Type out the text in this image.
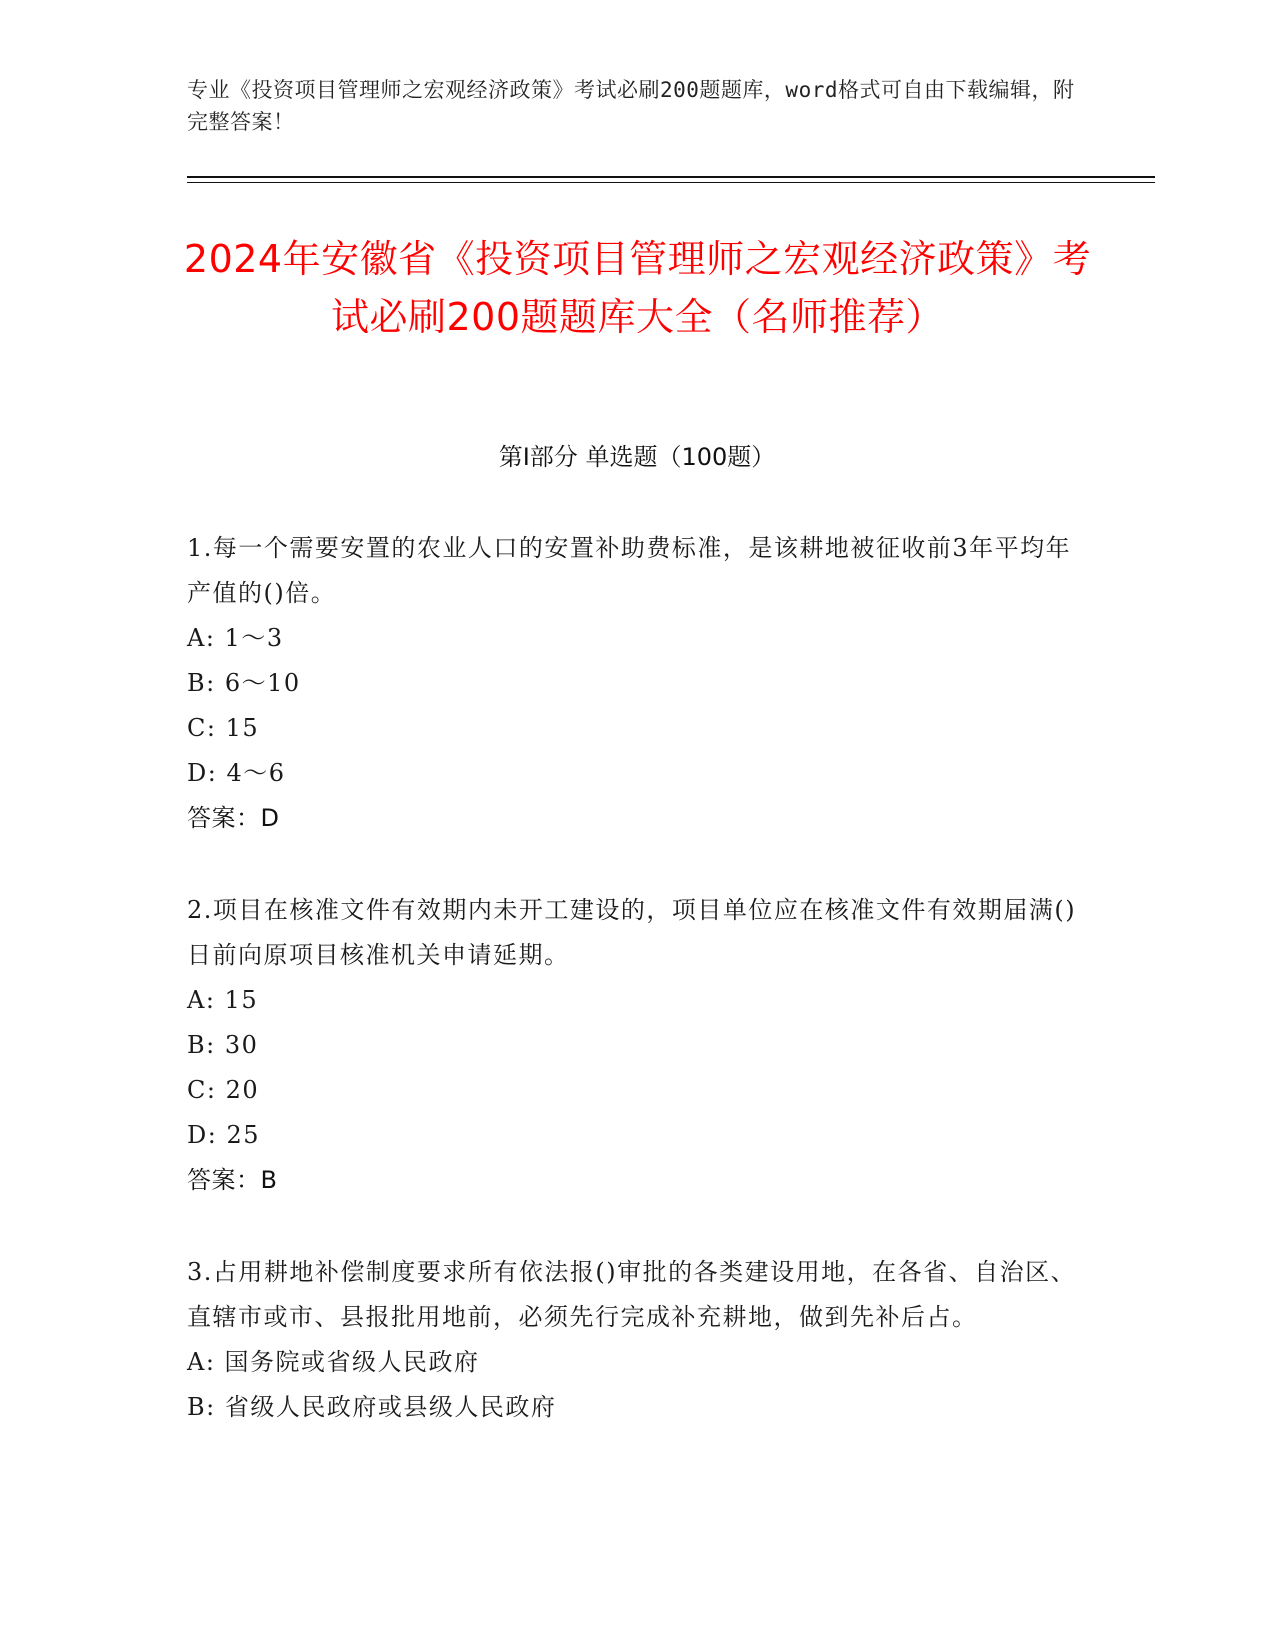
专业《投资项目管理师之宏观经济政策》考试必刷200题题库，word格式可自由下载编辑，附完整答案！
2024年安徽省《投资项目管理师之宏观经济政策》考试必刷200题题库大全（名师推荐）
第I部分 单选题（100题）
1.每一个需要安置的农业人口的安置补助费标准，是该耕地被征收前3年平均年产值的()倍。
A: 1～3
B: 6～10
C: 15
D: 4～6
答案：D
2.项目在核准文件有效期内未开工建设的，项目单位应在核准文件有效期届满()日前向原项目核准机关申请延期。
A: 15
B: 30
C: 20
D: 25
答案：B
3.占用耕地补偿制度要求所有依法报()审批的各类建设用地，在各省、自治区、直辖市或市、县报批用地前，必须先行完成补充耕地，做到先补后占。
A: 国务院或省级人民政府
B: 省级人民政府或县级人民政府
